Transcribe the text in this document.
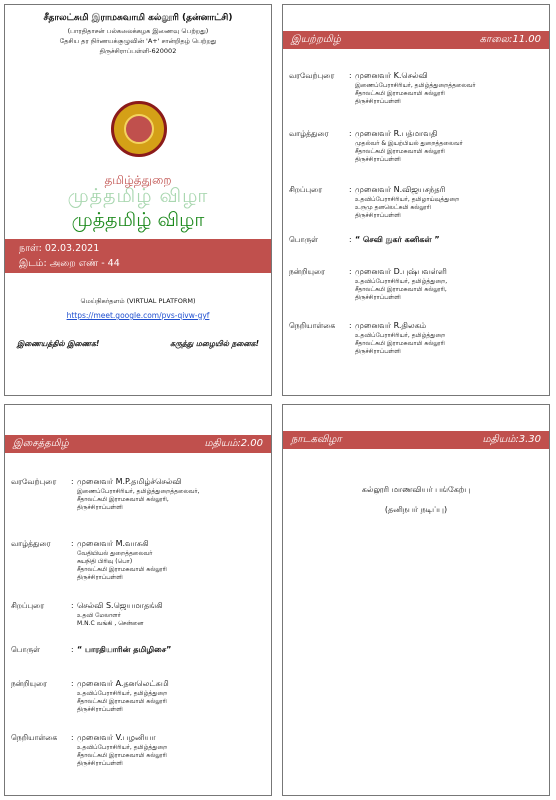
சீதாலட்சுமி இராமசுவாமி கல்லூரி (தன்னாட்சி)
(பாரதிதாசன் பல்கலைக்கழக இணைவு பெற்றது)
தேசிய தர நிர்ணயக்குழுவின் 'A+' சான்றிதழ் பெற்றது
திருச்சிராப்பள்ளி-620002
தமிழ்த்துறை
முத்தமிழ் விழா
முத்தமிழ் விழா
நாள்: 02.03.2021
இடம்: அறை எண் - 44
மெய்நிகர்தளம் (VIRTUAL PLATFORM)
https://meet.google.com/pvs-qivw-gyf
இணையத்தில் இணைக!	கருத்து மழையில் நனைக!
இயற்றமிழ்	காலை:11.00
வரவேற்புரை	: முனைவர் K.செல்வி
இணைப்பேராசிரியர், தமிழ்த்துறைத்தலைவர்
சீதாலட்சுமி இராமசுவாமி கல்லூரி
திருச்சிராப்பள்ளி
வாழ்த்துரை	: முனைவர் R.பத்மாவதி
முதல்வர் & இயற்பியல் துறைத்தலைவர்
சீதாலட்சுமி இராமசுவாமி கல்லூரி
திருச்சிராப்பள்ளி
சிறப்புரை	: முனைவர் N.விஜயசந்தரி
உதவிப்பேராசிரியர், தமிழாய்வுத்துறை
உருமு தனலெட்சுமி கல்லூரி
திருச்சிராப்பள்ளி
பொருள்	: “ செவி நுகர் கனிகள் ”
நன்றியுரை	: முனைவர் D.புஷ்பவள்ளி
உதவிப்பேராசிரியர், தமிழ்த்துறை,
சீதாலட்சுமி இராமசுவாமி கல்லூரி,
திருச்சிராப்பள்ளி
நெறியாள்கை	: முனைவர் R.திலகம்
உதவிப்பேராசிரியர், தமிழ்த்துறை
சீதாலட்சுமி இராமசுவாமி கல்லூரி
திருச்சிராப்பள்ளி
இசைத்தமிழ்	மதியம்:2.00
வரவேற்புரை	: முனைவர் M.P.தமிழ்ச்செல்வி
இணைப்பேராசிரியர், தமிழ்த்துறைத்தலைவர்,
சீதாலட்சுமி இராமசுவாமி கல்லூரி,
திருச்சிராப்பள்ளி
வாழ்த்துரை	: முனைவர் M.வாசுகி
வேதியியல் துறைத்தலைவர்
சுயநிதி பிரிவு (பொ)
சீதாலட்சுமி இராமசுவாமி கல்லூரி
திருச்சிராப்பள்ளி
சிறப்புரை	: செல்வி S.ஜெயமாதங்கி
உதவி மேலாளர்
M.N.C வங்கி , சென்னை
பொருள்	: “ பாரதியாரின் தமிழிசை”
நன்றியுரை	: முனைவர் A.தனலெட்சுமி
உதவிப்பேராசிரியர், தமிழ்த்துறை
சீதாலட்சுமி இராமசுவாமி கல்லூரி
திருச்சிராப்பள்ளி
நெறியாள்கை	: முனைவர் V.பழனியா
உதவிப்பேராசிரியர், தமிழ்த்துறை
சீதாலட்சுமி இராமசுவாமி கல்லூரி
திருச்சிராப்பள்ளி
நாடகவிழா	மதியம்:3.30
கல்லூரி மாணவியர் பங்கேற்பு
(தனிநபர் நடிப்பு)
